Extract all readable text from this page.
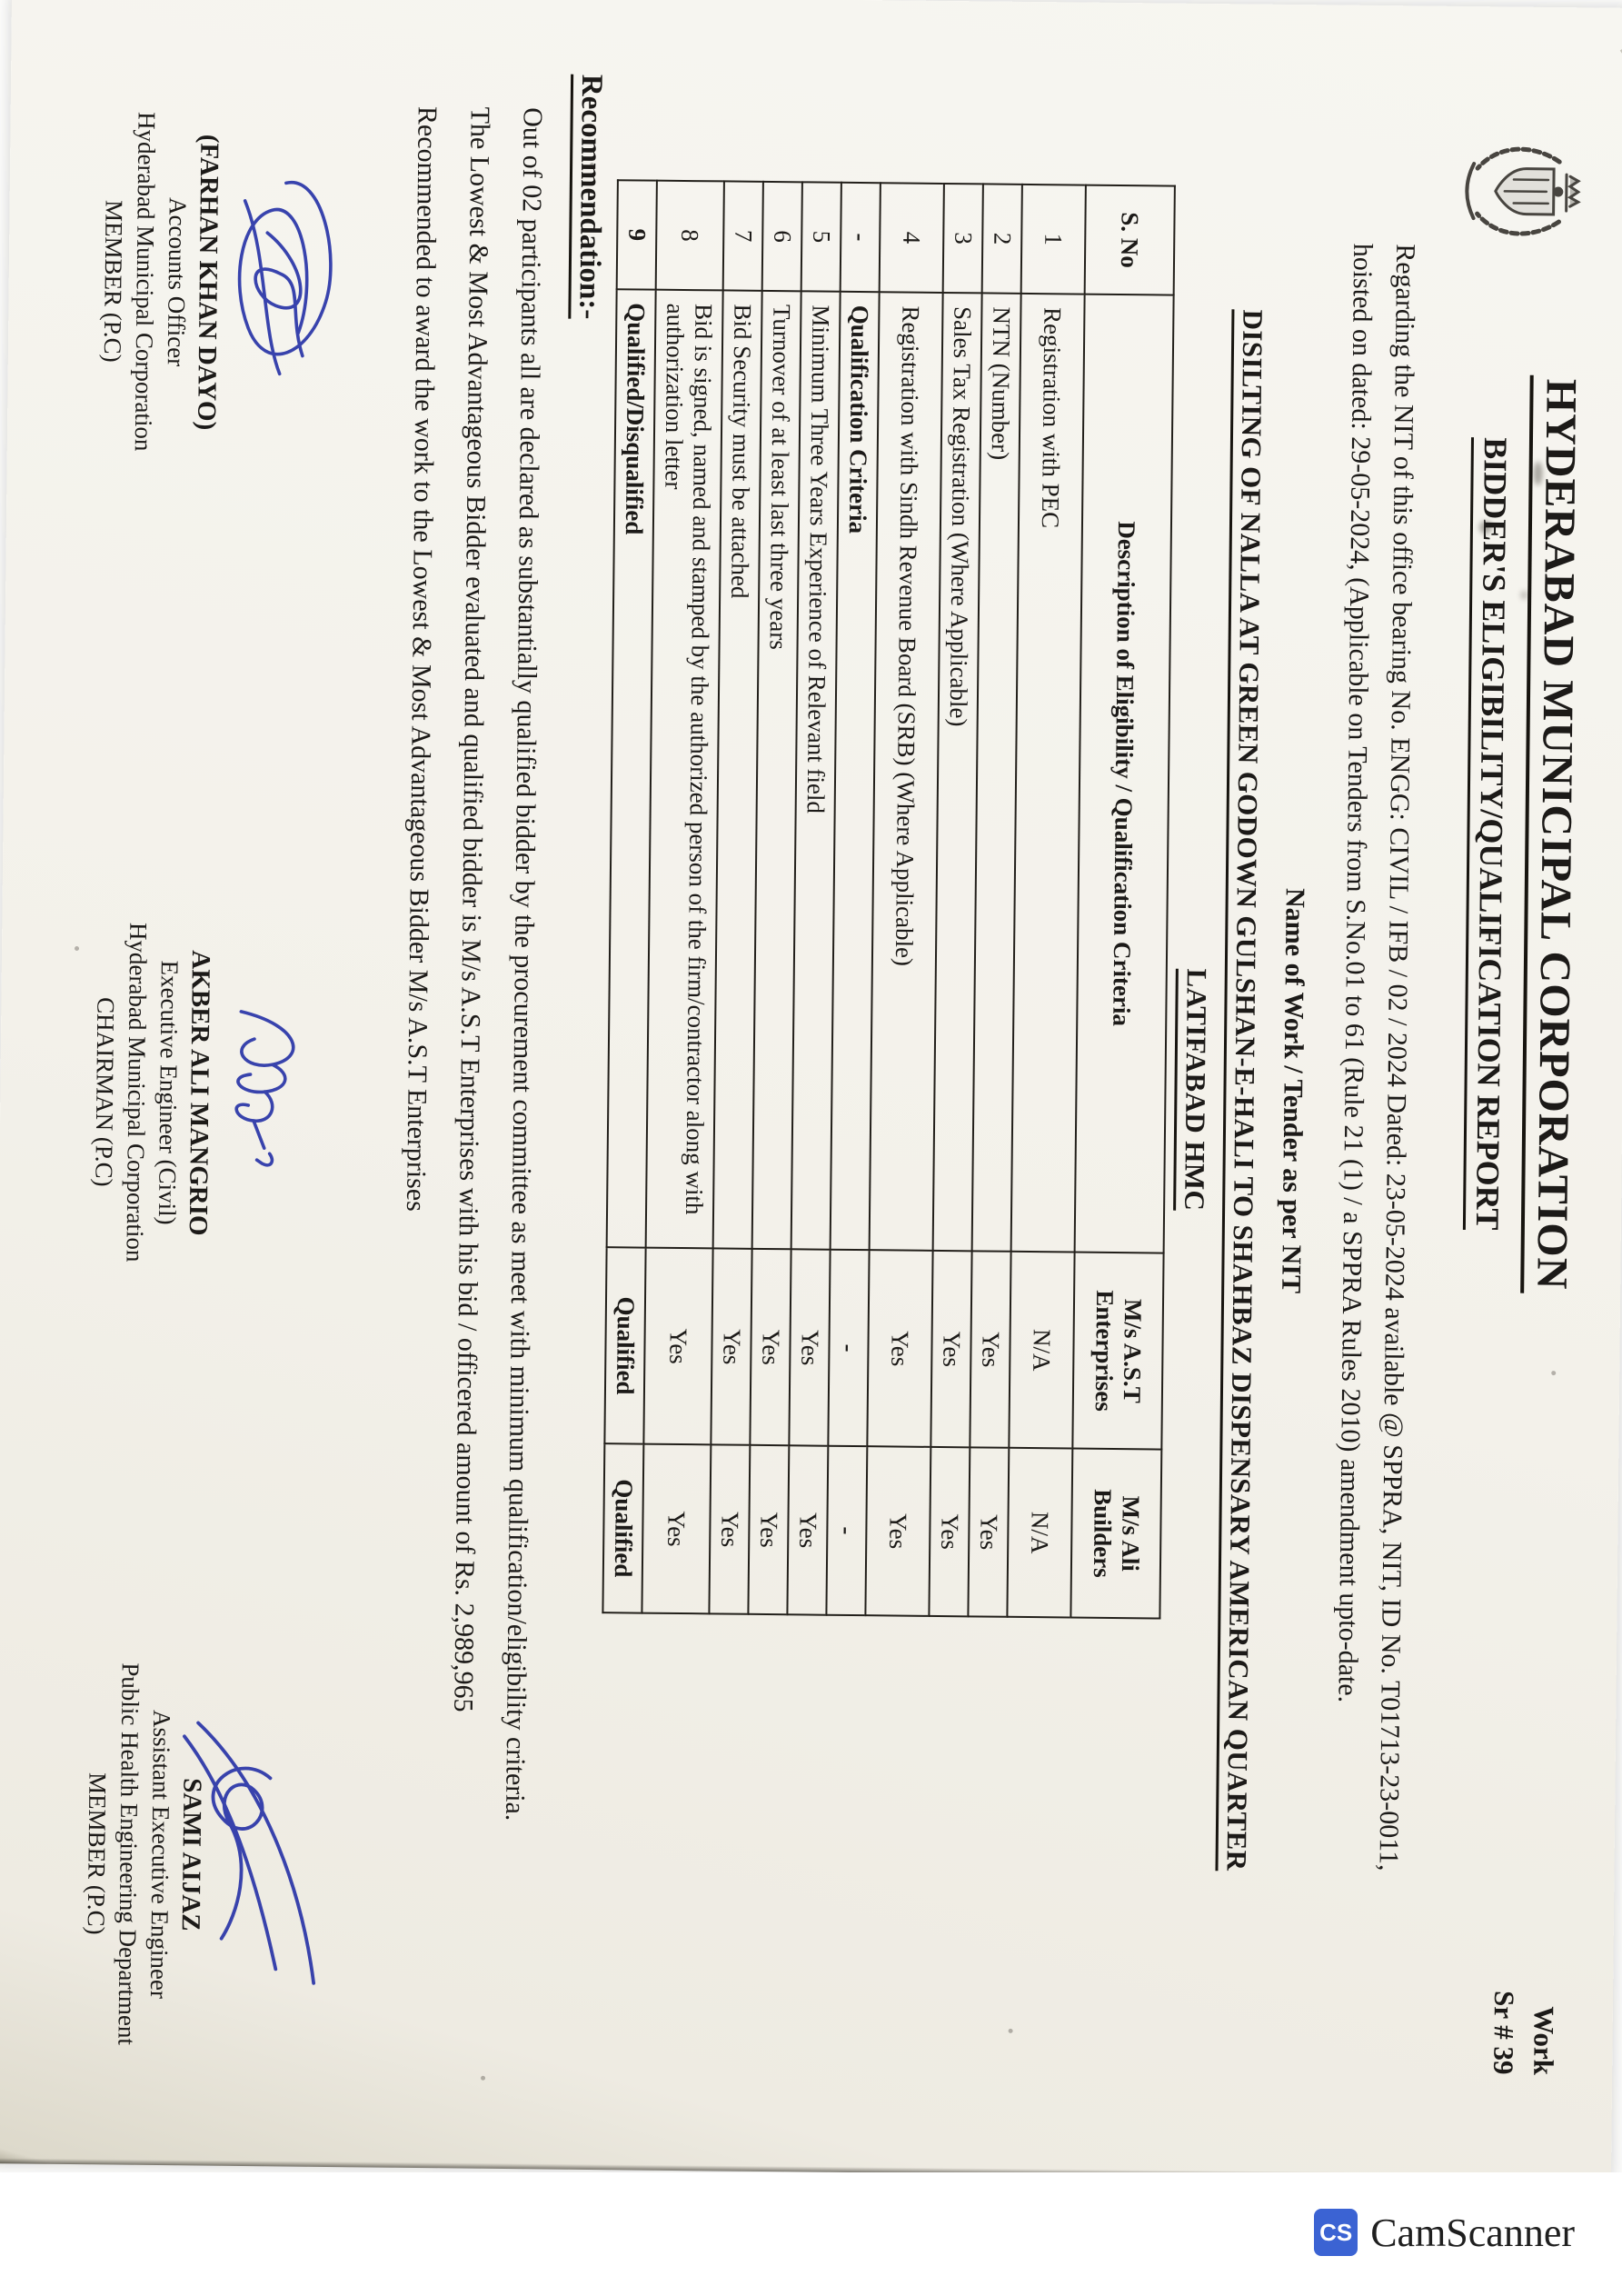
HYDERABAD MUNICIPAL CORPORATION
BIDDER'S ELIGIBILITY/QUALIFICATION REPORT
Work
Sr # 39
Regarding the NIT of this office bearing No. ENGG: CIVIL / IFB / 02 / 2024 Dated: 23-05-2024 available @ SPPRA, NIT, ID No. T01713-23-0011,
hoisted on dated: 29-05-2024, (Applicable on Tenders from S.No.01 to 61 (Rule 21 (1) / a SPPRA Rules 2010) amendment upto-date.
Name of Work / Tender as per NIT
DISILTING OF NALLA AT GREEN GODOWN GULSHAN-E-HALI TO SHAHBAZ DISPENSARY AMERICAN QUARTER
LATIFABAD HMC
S. No	Description of Eligibility / Qualification Criteria	M/s A.S.T Enterprises	M/s Ali Builders
1	Registration with PEC	N/A	N/A
2	NTN (Number)	Yes	Yes
3	Sales Tax Registration (Where Applicable)	Yes	Yes
4	Registration with Sindh Revenue Board (SRB) (Where Applicable)	Yes	Yes
-	Qualification Criteria	-	-
5	Minimum Three Years Experience of Relevant field	Yes	Yes
6	Turnover of at least last three years	Yes	Yes
7	Bid Security must be attached	Yes	Yes
8	Bid is signed, named and stamped by the authorized person of the firm/contractor along with authorization letter	Yes	Yes
9	Qualified/Disqualified	Qualified	Qualified
Recommendation:-
Out of 02 participants all are declared as substantially qualified bidder by the procurement committee as meet with minimum qualification/eligibility criteria.
The Lowest & Most Advantageous Bidder evaluated and qualified bidder is M/s A.S.T Enterprises with his bid / officered amount of Rs. 2,989,965
Recommended to award the work to the Lowest & Most Advantageous Bidder M/s A.S.T Enterprises
(FARHAN KHAN DAYO)
Accounts Officer
Hyderabad Municipal Corporation
MEMBER (P.C)
AKBER ALI MANGRIO
Executive Engineer (Civil)
Hyderabad Municipal Corporation
CHAIRMAN (P.C)
SAMI AIJAZ
Assistant Executive Engineer
Public Health Engineering Department
MEMBER (P.C)
CS CamScanner
